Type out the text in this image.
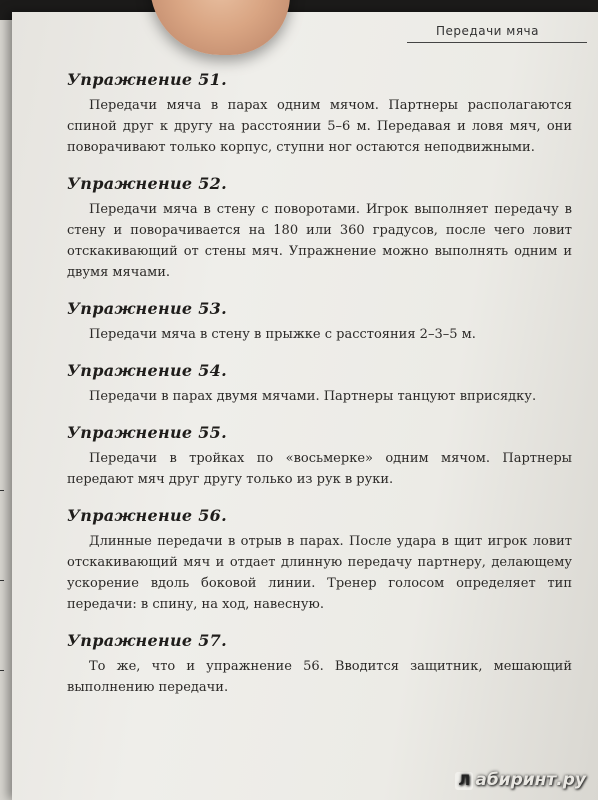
Передачи мяча
Упражнение 51.

Передачи мяча в парах одним мячом. Партнеры располагаются спиной друг к другу на расстоянии 5–6 м. Передавая и ловя мяч, они поворачивают только корпус, ступни ног остаются неподвижными.

Упражнение 52.

Передачи мяча в стену с поворотами. Игрок выполняет передачу в стену и поворачивается на 180 или 360 градусов, после чего ловит отскакивающий от стены мяч. Упражнение можно выполнять одним и двумя мячами.

Упражнение 53.

Передачи мяча в стену в прыжке с расстояния 2–3–5 м.

Упражнение 54.

Передачи в парах двумя мячами. Партнеры танцуют вприсядку.

Упражнение 55.

Передачи в тройках по «восьмерке» одним мячом. Партнеры передают мяч друг другу только из рук в руки.

Упражнение 56.

Длинные передачи в отрыв в парах. После удара в щит игрок ловит отскакивающий мяч и отдает длинную передачу партнеру, делающему ускорение вдоль боковой линии. Тренер голосом определяет тип передачи: в спину, на ход, навесную.

Упражнение 57.

То же, что и упражнение 56. Вводится защитник, мешающий выполнению передачи.

Л абиринт.ру
